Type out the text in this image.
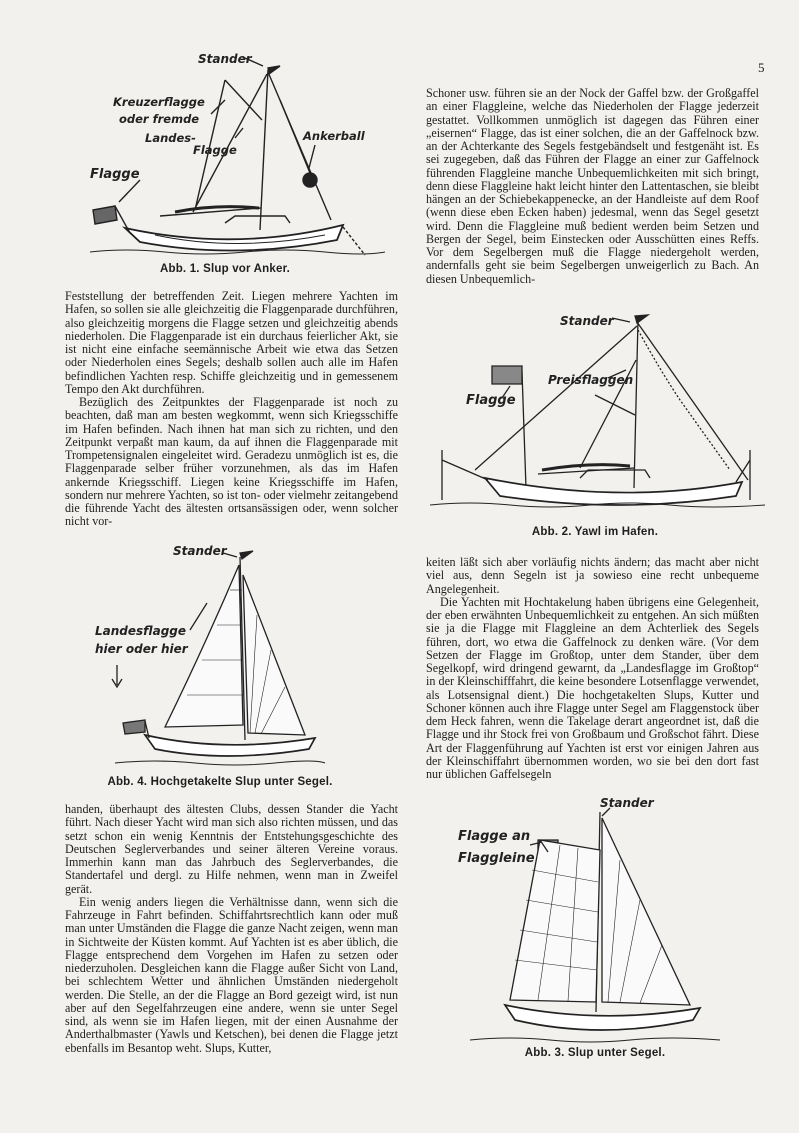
5
Stander
Kreuzerflagge
oder fremde
Landes-
Flagge
Ankerball
Flagge
Abb. 1. Slup vor Anker.

Feststellung der betreffenden Zeit. Liegen mehrere Yachten im Hafen, so sollen sie alle gleichzeitig die Flaggenparade durchführen, also gleichzeitig morgens die Flagge setzen und gleichzeitig abends niederholen. Die Flaggenparade ist ein durchaus feierlicher Akt, sie ist nicht eine einfache seemännische Arbeit wie etwa das Setzen oder Niederholen eines Segels; deshalb sollen auch alle im Hafen befindlichen Yachten resp. Schiffe gleichzeitig und in gemessenem Tempo den Akt durchführen.

Bezüglich des Zeitpunktes der Flaggenparade ist noch zu beachten, daß man am besten wegkommt, wenn sich Kriegsschiffe im Hafen befinden. Nach ihnen hat man sich zu richten, und den Zeitpunkt verpaßt man kaum, da auf ihnen die Flaggenparade mit Trompetensignalen eingeleitet wird. Geradezu unmöglich ist es, die Flaggenparade selber früher vorzunehmen, als das im Hafen ankernde Kriegsschiff. Liegen keine Kriegsschiffe im Hafen, sondern nur mehrere Yachten, so ist ton- oder vielmehr zeitangebend die führende Yacht des ältesten ortsansässigen oder, wenn solcher nicht vor-

Stander
Landesflagge
hier oder hier
Abb. 4. Hochgetakelte Slup unter Segel.

handen, überhaupt des ältesten Clubs, dessen Stander die Yacht führt. Nach dieser Yacht wird man sich also richten müssen, und das setzt schon ein wenig Kenntnis der Entstehungsgeschichte des Deutschen Seglerverbandes und seiner älteren Vereine voraus. Immerhin kann man das Jahrbuch des Seglerverbandes, die Standertafel und dergl. zu Hilfe nehmen, wenn man in Zweifel gerät.

Ein wenig anders liegen die Verhältnisse dann, wenn sich die Fahrzeuge in Fahrt befinden. Schiffahrtsrechtlich kann oder muß man unter Umständen die Flagge die ganze Nacht zeigen, wenn man in Sichtweite der Küsten kommt. Auf Yachten ist es aber üblich, die Flagge entsprechend dem Vorgehen im Hafen zu setzen oder niederzuholen. Desgleichen kann die Flagge außer Sicht von Land, bei schlechtem Wetter und ähnlichen Umständen niedergeholt werden. Die Stelle, an der die Flagge an Bord gezeigt wird, ist nun aber auf den Segelfahrzeugen eine andere, wenn sie unter Segel sind, als wenn sie im Hafen liegen, mit der einen Ausnahme der Anderthalbmaster (Yawls und Ketschen), bei denen die Flagge jetzt ebenfalls im Besantop weht. Slups, Kutter,

Schoner usw. führen sie an der Nock der Gaffel bzw. der Großgaffel an einer Flaggleine, welche das Niederholen der Flagge jederzeit gestattet. Vollkommen unmöglich ist dagegen das Führen einer „eisernen“ Flagge, das ist einer solchen, die an der Gaffelnock bzw. an der Achterkante des Segels festgebändselt und festgenäht ist. Es sei zugegeben, daß das Führen der Flagge an einer zur Gaffelnock führenden Flaggleine manche Unbequemlichkeiten mit sich bringt, denn diese Flaggleine hakt leicht hinter den Lattentaschen, sie bleibt hängen an der Schiebekappenecke, an der Handleiste auf dem Roof (wenn diese eben Ecken haben) jedesmal, wenn das Segel gesetzt wird. Denn die Flaggleine muß bedient werden beim Setzen und Bergen der Segel, beim Einstecken oder Ausschütten eines Reffs. Vor dem Segelbergen muß die Flagge niedergeholt werden, andernfalls geht sie beim Segelbergen unweigerlich zu Bach. An diesen Unbequemlich-

Stander
Preisflaggen
Flagge
Abb. 2. Yawl im Hafen.

keiten läßt sich aber vorläufig nichts ändern; das macht aber nicht viel aus, denn Segeln ist ja sowieso eine recht unbequeme Angelegenheit.

Die Yachten mit Hochtakelung haben übrigens eine Gelegenheit, der eben erwähnten Unbequemlichkeit zu entgehen. An sich müßten sie ja die Flagge mit Flaggleine an dem Achterliek des Segels führen, dort, wo etwa die Gaffelnock zu denken wäre. (Vor dem Setzen der Flagge im Großtop, unter dem Stander, über dem Segelkopf, wird dringend gewarnt, da „Landesflagge im Großtop“ in der Kleinschifffahrt, die keine besondere Lotsenflagge verwendet, als Lotsensignal dient.) Die hochgetakelten Slups, Kutter und Schoner können auch ihre Flagge unter Segel am Flaggenstock über dem Heck fahren, wenn die Takelage derart angeordnet ist, daß die Flagge und ihr Stock frei von Großbaum und Großschot fährt. Diese Art der Flaggenführung auf Yachten ist erst vor einigen Jahren aus der Kleinschiffahrt übernommen worden, wo sie bei den dort fast nur üblichen Gaffelsegeln

Stander
Flagge an
Flaggleine
Abb. 3. Slup unter Segel.
